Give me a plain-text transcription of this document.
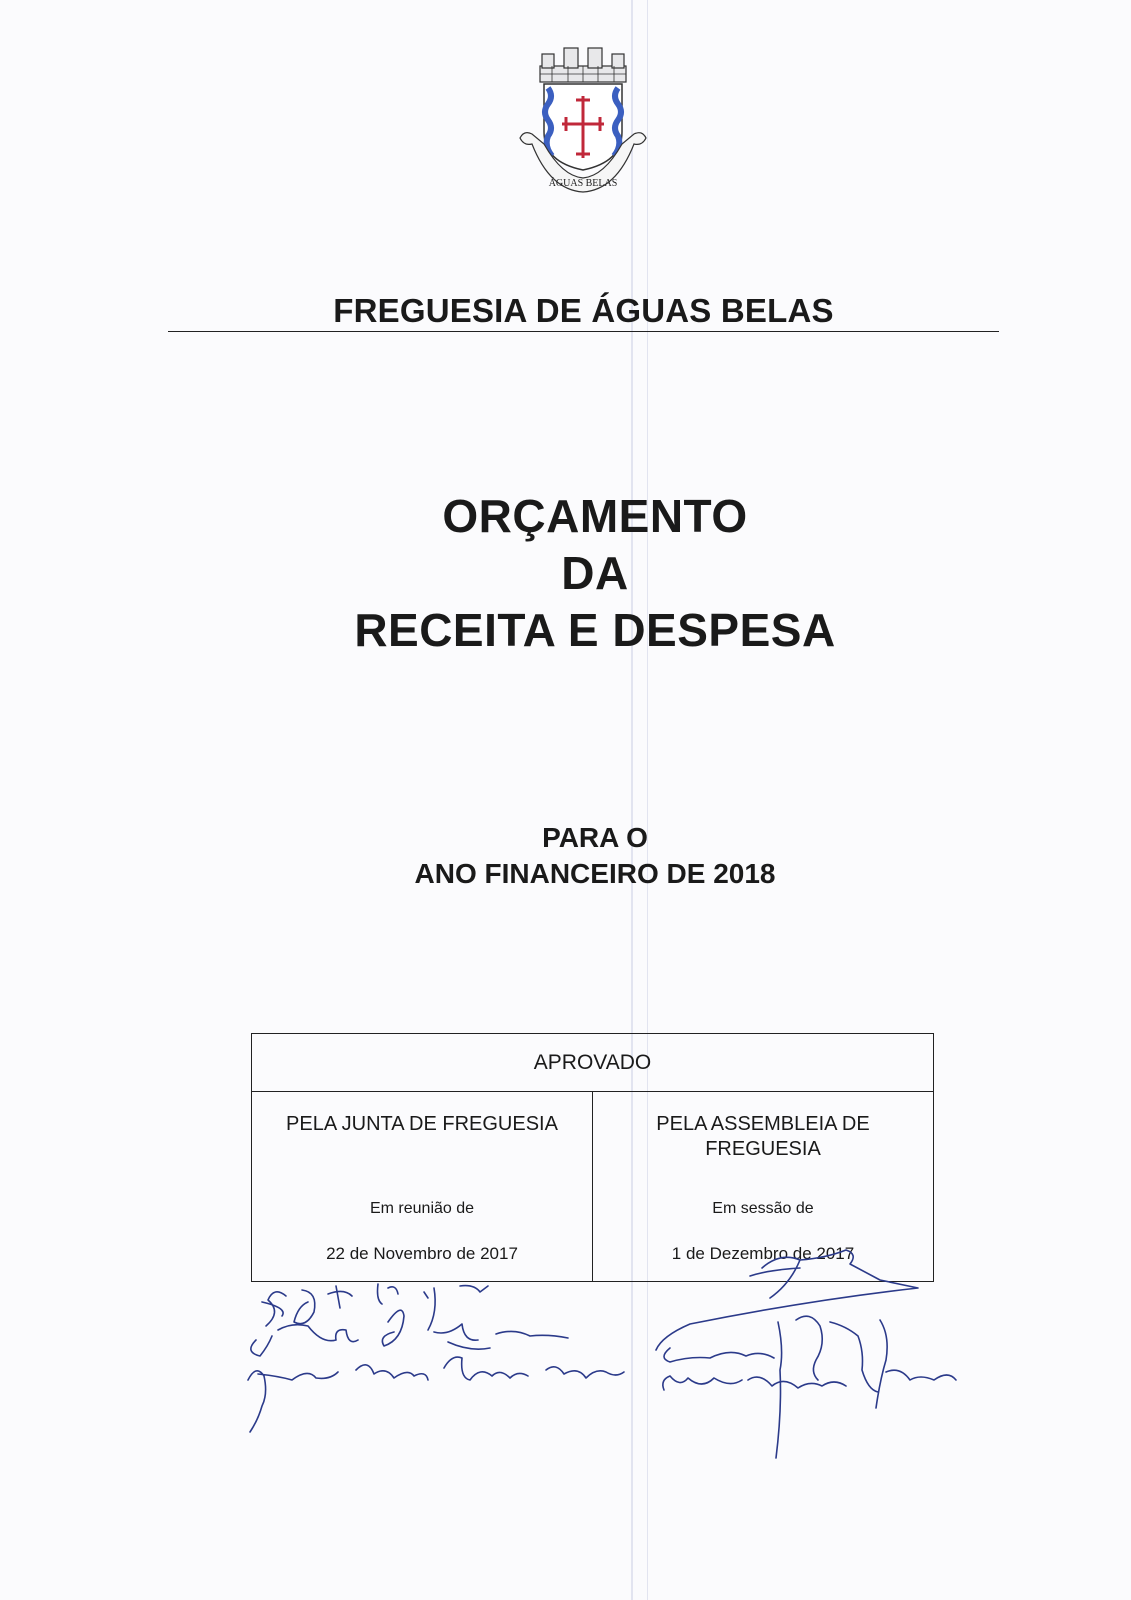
ÁGUAS BELAS
FREGUESIA DE ÁGUAS BELAS
ORÇAMENTO
DA
RECEITA E DESPESA
PARA O
ANO FINANCEIRO DE 2018
APROVADO
PELA JUNTA DE FREGUESIA
Em reunião de
22 de Novembro de 2017
PELA ASSEMBLEIA DE FREGUESIA
Em sessão de
1 de Dezembro de 2017
